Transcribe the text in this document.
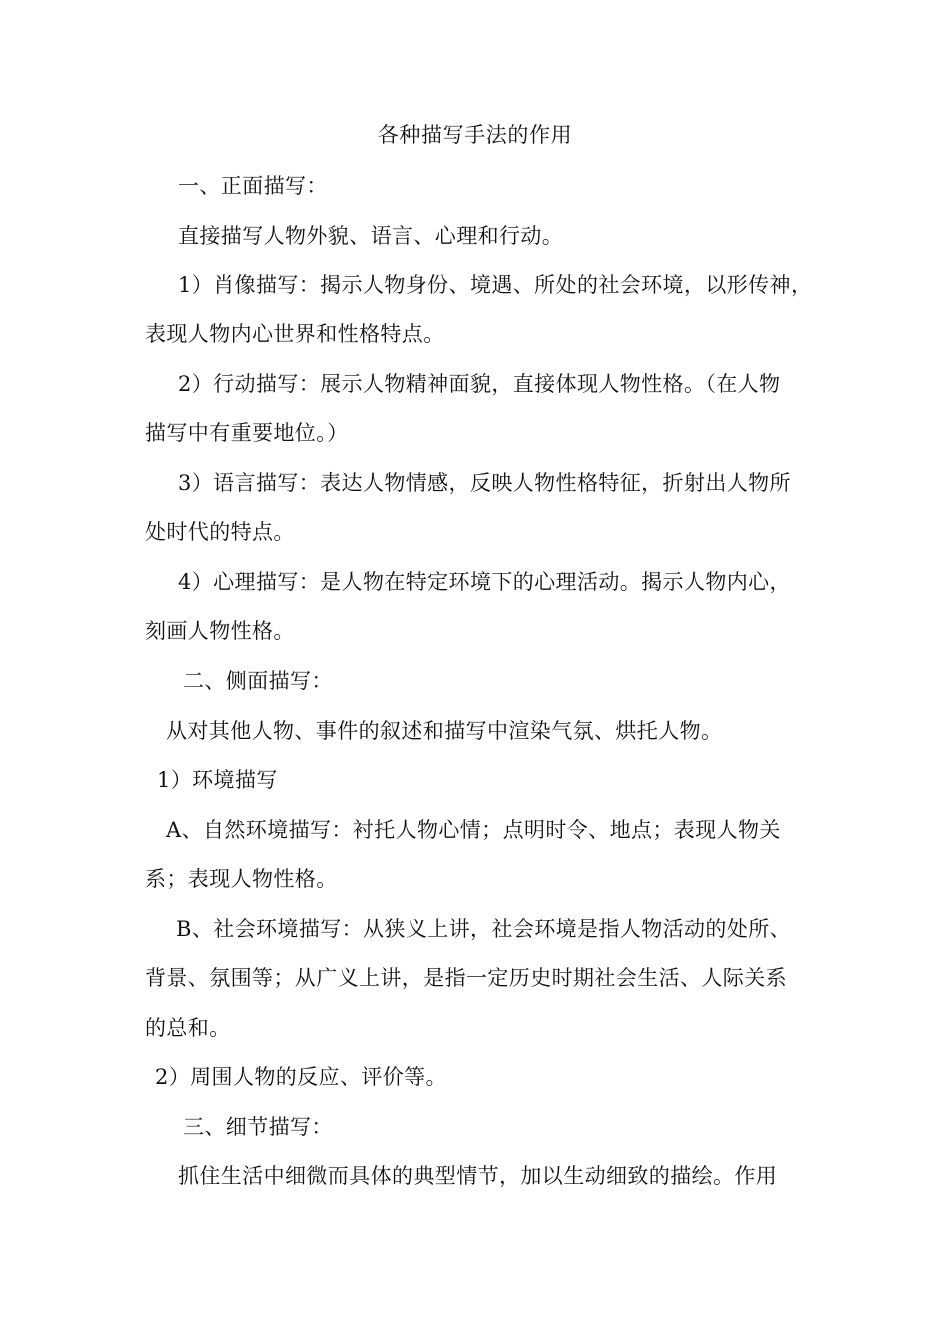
各种描写手法的作用
一、正面描写：
直接描写人物外貌、语言、心理和行动。
1）肖像描写：揭示人物身份、境遇、所处的社会环境，以形传神，
表现人物内心世界和性格特点。
2）行动描写：展示人物精神面貌，直接体现人物性格。（在人物
描写中有重要地位。）
3）语言描写：表达人物情感，反映人物性格特征，折射出人物所
处时代的特点。
4）心理描写：是人物在特定环境下的心理活动。揭示人物内心，
刻画人物性格。
二、侧面描写：
从对其他人物、事件的叙述和描写中渲染气氛、烘托人物。
1）环境描写
A、自然环境描写：衬托人物心情；点明时令、地点；表现人物关
系；表现人物性格。
B、社会环境描写：从狭义上讲，社会环境是指人物活动的处所、
背景、氛围等；从广义上讲，是指一定历史时期社会生活、人际关系
的总和。
2）周围人物的反应、评价等。
三、细节描写：
抓住生活中细微而具体的典型情节，加以生动细致的描绘。作用
